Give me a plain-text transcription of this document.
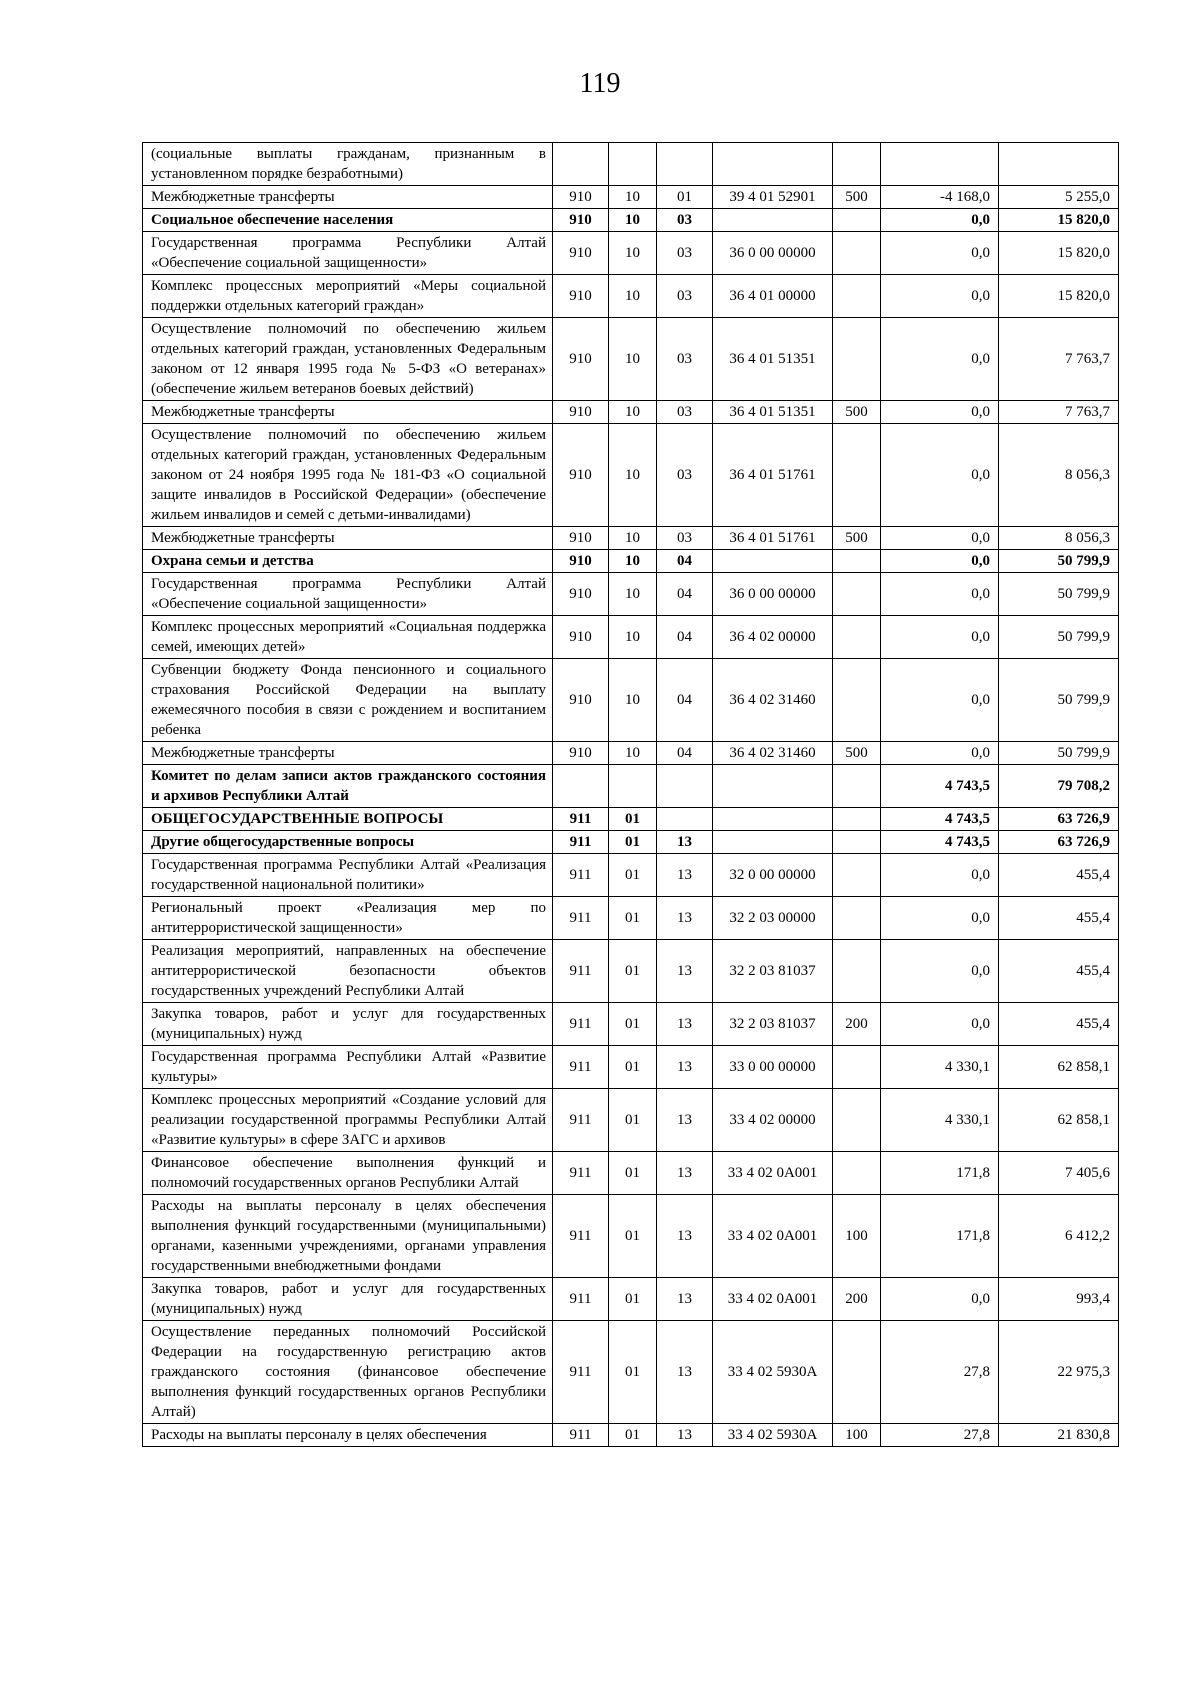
119
(социальные выплаты гражданам, признанным в установленном порядке безработными)							
Межбюджетные трансферты	910	10	01	39 4 01 52901	500	-4 168,0	5 255,0
Социальное обеспечение населения	910	10	03			0,0	15 820,0
Государственная программа Республики Алтай «Обеспечение социальной защищенности»	910	10	03	36 0 00 00000		0,0	15 820,0
Комплекс процессных мероприятий «Меры социальной поддержки отдельных категорий граждан»	910	10	03	36 4 01 00000		0,0	15 820,0
Осуществление полномочий по обеспечению жильем отдельных категорий граждан, установленных Федеральным законом от 12 января 1995 года № 5-ФЗ «О ветеранах» (обеспечение жильем ветеранов боевых действий)	910	10	03	36 4 01 51351		0,0	7 763,7
Межбюджетные трансферты	910	10	03	36 4 01 51351	500	0,0	7 763,7
Осуществление полномочий по обеспечению жильем отдельных категорий граждан, установленных Федеральным законом от 24 ноября 1995 года № 181-ФЗ «О социальной защите инвалидов в Российской Федерации» (обеспечение жильем инвалидов и семей с детьми-инвалидами)	910	10	03	36 4 01 51761		0,0	8 056,3
Межбюджетные трансферты	910	10	03	36 4 01 51761	500	0,0	8 056,3
Охрана семьи и детства	910	10	04			0,0	50 799,9
Государственная программа Республики Алтай «Обеспечение социальной защищенности»	910	10	04	36 0 00 00000		0,0	50 799,9
Комплекс процессных мероприятий «Социальная поддержка семей, имеющих детей»	910	10	04	36 4 02 00000		0,0	50 799,9
Субвенции бюджету Фонда пенсионного и социального страхования Российской Федерации на выплату ежемесячного пособия в связи с рождением и воспитанием ребенка	910	10	04	36 4 02 31460		0,0	50 799,9
Межбюджетные трансферты	910	10	04	36 4 02 31460	500	0,0	50 799,9
Комитет по делам записи актов гражданского состояния и архивов Республики Алтай						4 743,5	79 708,2
ОБЩЕГОСУДАРСТВЕННЫЕ ВОПРОСЫ	911	01				4 743,5	63 726,9
Другие общегосударственные вопросы	911	01	13			4 743,5	63 726,9
Государственная программа Республики Алтай «Реализация государственной национальной политики»	911	01	13	32 0 00 00000		0,0	455,4
Региональный проект «Реализация мер по антитеррористической защищенности»	911	01	13	32 2 03 00000		0,0	455,4
Реализация мероприятий, направленных на обеспечение антитеррористической безопасности объектов государственных учреждений Республики Алтай	911	01	13	32 2 03 81037		0,0	455,4
Закупка товаров, работ и услуг для государственных (муниципальных) нужд	911	01	13	32 2 03 81037	200	0,0	455,4
Государственная программа Республики Алтай «Развитие культуры»	911	01	13	33 0 00 00000		4 330,1	62 858,1
Комплекс процессных мероприятий «Создание условий для реализации государственной программы Республики Алтай «Развитие культуры» в сфере ЗАГС и архивов	911	01	13	33 4 02 00000		4 330,1	62 858,1
Финансовое обеспечение выполнения функций и полномочий государственных органов Республики Алтай	911	01	13	33 4 02 0А001		171,8	7 405,6
Расходы на выплаты персоналу в целях обеспечения выполнения функций государственными (муниципальными) органами, казенными учреждениями, органами управления государственными внебюджетными фондами	911	01	13	33 4 02 0А001	100	171,8	6 412,2
Закупка товаров, работ и услуг для государственных (муниципальных) нужд	911	01	13	33 4 02 0А001	200	0,0	993,4
Осуществление переданных полномочий Российской Федерации на государственную регистрацию актов гражданского состояния (финансовое обеспечение выполнения функций государственных органов Республики Алтай)	911	01	13	33 4 02 5930А		27,8	22 975,3
Расходы на выплаты персоналу в целях обеспечения	911	01	13	33 4 02 5930А	100	27,8	21 830,8
